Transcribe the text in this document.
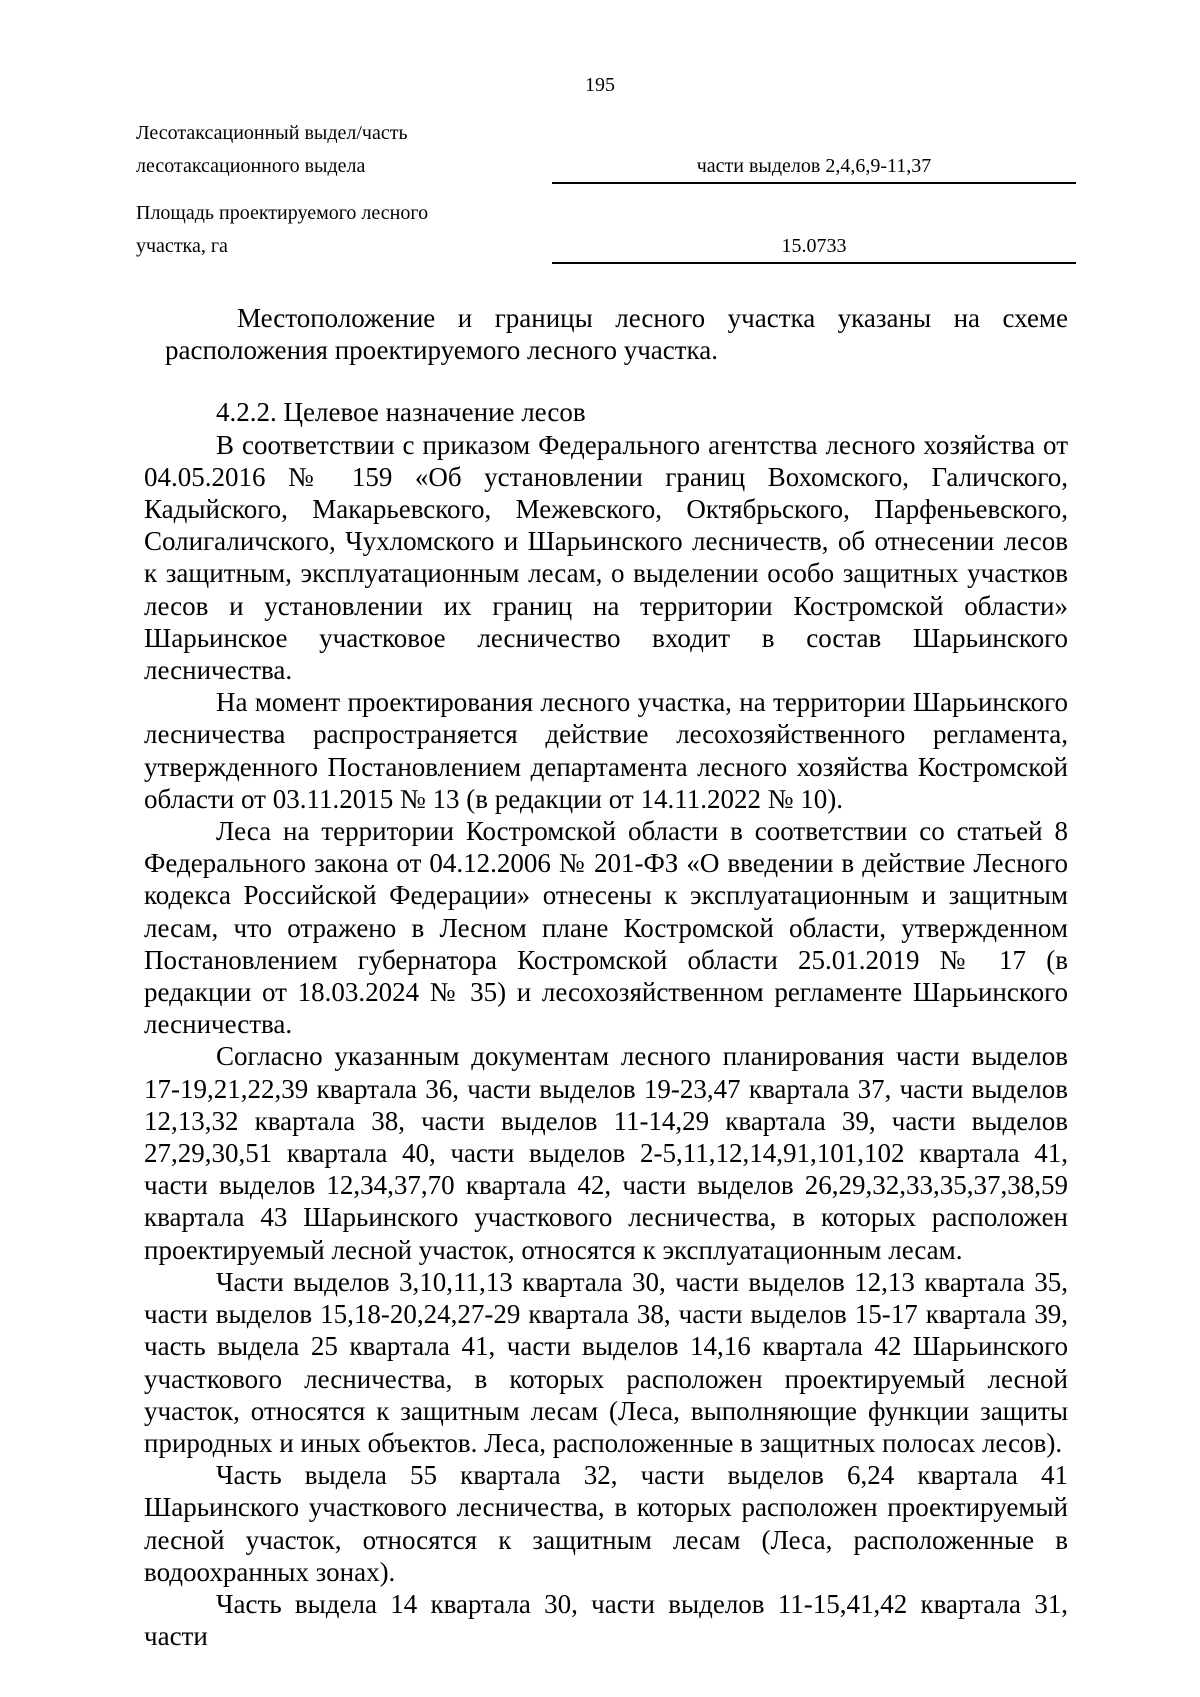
195
Лесотаксационный выдел/часть
лесотаксационного выдела	части выделов 2,4,6,9-11,37
Площадь проектируемого лесного
участка, га	15.0733

Местоположение и границы лесного участка указаны на схеме расположения проектируемого лесного участка.

4.2.2. Целевое назначение лесов

В соответствии с приказом Федерального агентства лесного хозяйства от 04.05.2016 № 159 «Об установлении границ Вохомского, Галичского, Кадыйского, Макарьевского, Межевского, Октябрьского, Парфеньевского, Солигаличского, Чухломского и Шарьинского лесничеств, об отнесении лесов к защитным, эксплуатационным лесам, о выделении особо защитных участков лесов и установлении их границ на территории Костромской области» Шарьинское участковое лесничество входит в состав Шарьинского лесничества.

На момент проектирования лесного участка, на территории Шарьинского лесничества распространяется действие лесохозяйственного регламента, утвержденного Постановлением департамента лесного хозяйства Костромской области от 03.11.2015 № 13 (в редакции от 14.11.2022 № 10).

Леса на территории Костромской области в соответствии со статьей 8 Федерального закона от 04.12.2006 № 201-ФЗ «О введении в действие Лесного кодекса Российской Федерации» отнесены к эксплуатационным и защитным лесам, что отражено в Лесном плане Костромской области, утвержденном Постановлением губернатора Костромской области 25.01.2019 № 17 (в редакции от 18.03.2024 № 35) и лесохозяйственном регламенте Шарьинского лесничества.

Согласно указанным документам лесного планирования части выделов 17-19,21,22,39 квартала 36, части выделов 19-23,47 квартала 37, части выделов 12,13,32 квартала 38, части выделов 11-14,29 квартала 39, части выделов 27,29,30,51 квартала 40, части выделов 2-5,11,12,14,91,101,102 квартала 41, части выделов 12,34,37,70 квартала 42, части выделов 26,29,32,33,35,37,38,59 квартала 43 Шарьинского участкового лесничества, в которых расположен проектируемый лесной участок, относятся к эксплуатационным лесам.

Части выделов 3,10,11,13 квартала 30, части выделов 12,13 квартала 35, части выделов 15,18-20,24,27-29 квартала 38, части выделов 15-17 квартала 39, часть выдела 25 квартала 41, части выделов 14,16 квартала 42 Шарьинского участкового лесничества, в которых расположен проектируемый лесной участок, относятся к защитным лесам (Леса, выполняющие функции защиты природных и иных объектов. Леса, расположенные в защитных полосах лесов).

Часть выдела 55 квартала 32, части выделов 6,24 квартала 41 Шарьинского участкового лесничества, в которых расположен проектируемый лесной участок, относятся к защитным лесам (Леса, расположенные в водоохранных зонах).

Часть выдела 14 квартала 30, части выделов 11-15,41,42 квартала 31, части
